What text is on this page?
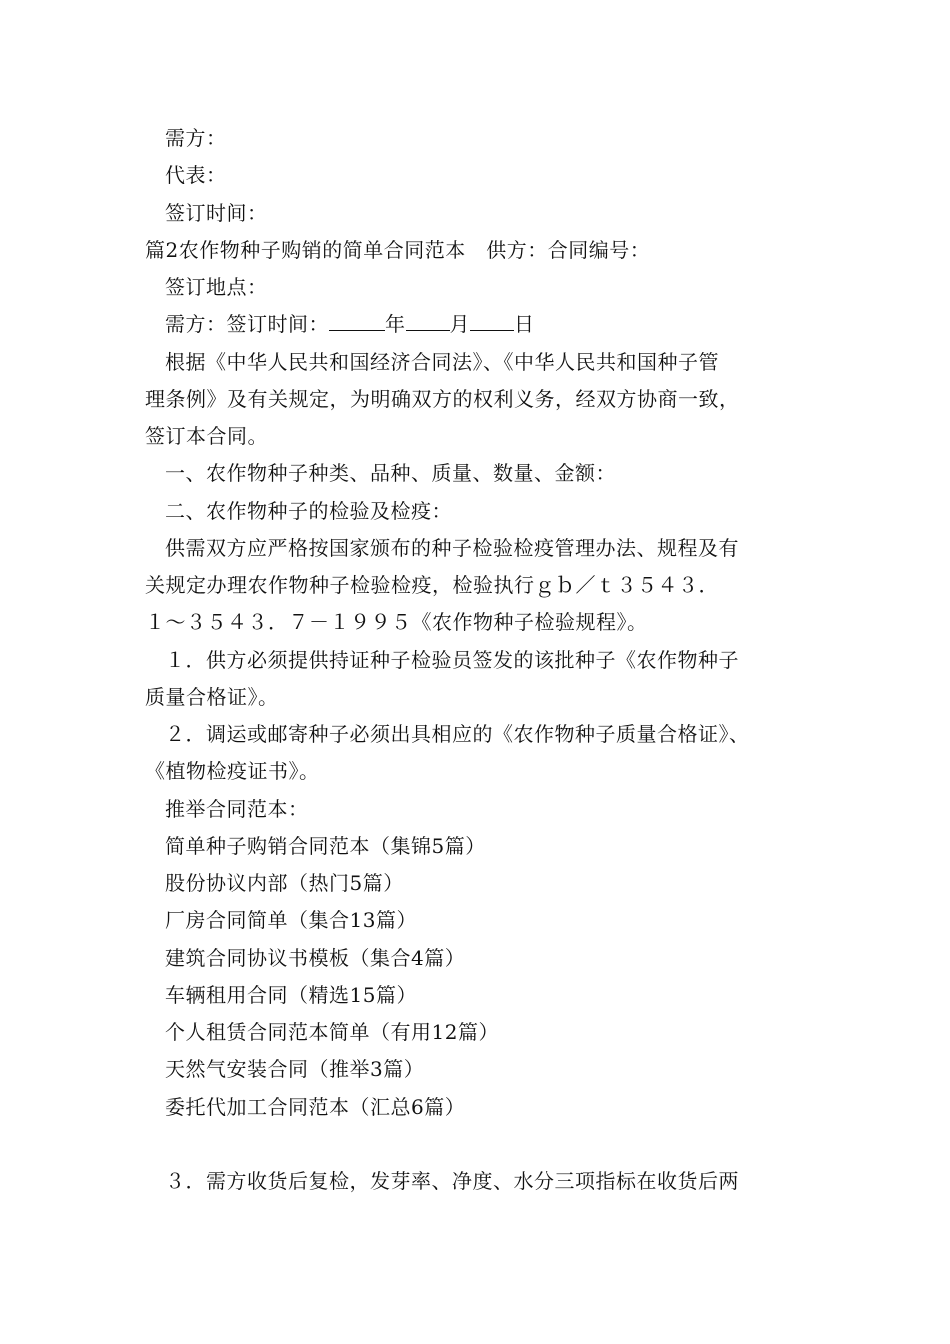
需方：
代表：
签订时间：
篇2农作物种子购销的简单合同范本　供方：合同编号：
签订地点：
需方：签订时间：	年 月 日
根据《中华人民共和国经济合同法》、《中华人民共和国种子管
理条例》及有关规定，为明确双方的权利义务，经双方协商一致，
签订本合同。
一、农作物种子种类、品种、质量、数量、金额：
二、农作物种子的检验及检疫：
供需双方应严格按国家颁布的种子检验检疫管理办法、规程及有
关规定办理农作物种子检验检疫，检验执行ｇｂ／ｔ３５４３．
１～３５４３．７－１９９５《农作物种子检验规程》。
１．供方必须提供持证种子检验员签发的该批种子《农作物种子
质量合格证》。
２．调运或邮寄种子必须出具相应的《农作物种子质量合格证》、
《植物检疫证书》。
推举合同范本：
简单种子购销合同范本（集锦5篇）
股份协议内部（热门5篇）
厂房合同简单（集合13篇）
建筑合同协议书模板（集合4篇）
车辆租用合同（精选15篇）
个人租赁合同范本简单（有用12篇）
天然气安装合同（推举3篇）
委托代加工合同范本（汇总6篇）
３．需方收货后复检，发芽率、净度、水分三项指标在收货后两
